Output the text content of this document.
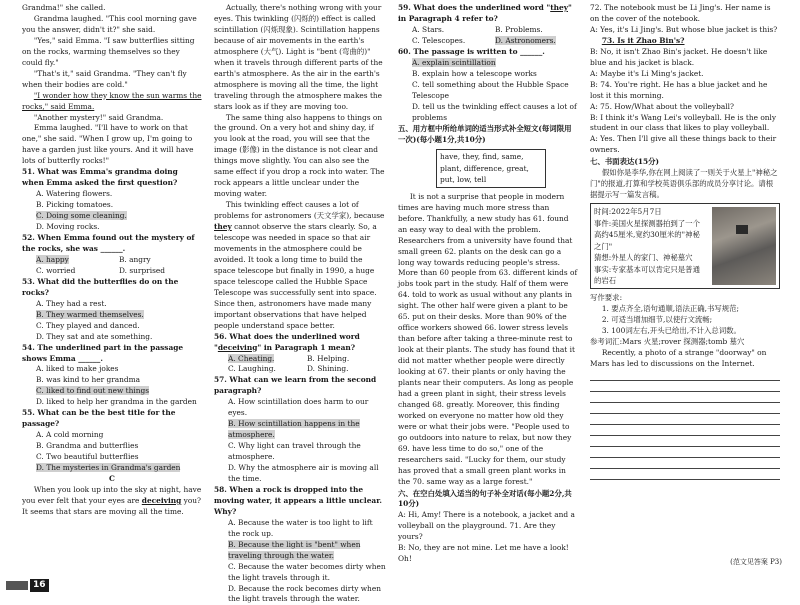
Grandma!" she called.

Grandma laughed. "This cool morning gave you the answer, didn't it?" she said.

"Yes," said Emma. "I saw butterflies sitting on the rocks, warming themselves so they could fly."

"That's it," said Grandma. "They can't fly when their bodies are cold."

"I wonder how they know the sun warms the rocks," said Emma.

"Another mystery!" said Grandma.

Emma laughed. "I'll have to work on that one," she said. "When I grow up, I'm going to have a garden just like yours. And it will have lots of butterfly rocks!"

51. What was Emma's grandma doing when Emma asked the first question?

A. Watering flowers.

B. Picking tomatoes.

C. Doing some cleaning.

D. Moving rocks.

52. When Emma found out the mystery of the rocks, she was ______.

A. happy	B. angry
C. worried	D. surprised

53. What did the butterflies do on the rocks?

A. They had a rest.

B. They warmed themselves.

C. They played and danced.

D. They sat and ate something.

54. The underlined part in the passage shows Emma ______.

A. liked to make jokes

B. was kind to her grandma

C. liked to find out new things

D. liked to help her grandma in the garden

55. What can be the best title for the passage?

A. A cold morning

B. Grandma and butterflies

C. Two beautiful butterflies

D. The mysteries in Grandma's garden

C

When you look up into the sky at night, have you ever felt that your eyes are deceiving you? It seems that stars are moving all the time.

Actually, there's nothing wrong with your eyes. This twinkling (闪烁的) effect is called scintillation (闪烁现象). Scintillation happens because of air movements in the earth's atmosphere (大气). Light is "bent (弯曲的)" when it travels through different parts of the earth's atmosphere. As the air in the earth's atmosphere is moving all the time, the light traveling through the atmosphere makes the stars look as if they are moving too.

The same thing also happens to things on the ground. On a very hot and shiny day, if you look at the road, you will see that the image (影像) in the distance is not clear and things move slightly. You can also see the same effect if you drop a rock into water. The rock appears a little unclear under the moving water.

This twinkling effect causes a lot of problems for astronomers (天文学家), because they cannot observe the stars clearly. So, a telescope was needed in space so that air movements in the atmosphere could be avoided. It took a long time to build the space telescope but finally in 1990, a huge space telescope called the Hubble Space Telescope was successfully sent into space. Since then, astronomers have made many important observations that have helped people understand space better.

56. What does the underlined word "deceiving" in Paragraph 1 mean?

A. Cheating.	B. Helping.
C. Laughing.	D. Shining.

57. What can we learn from the second paragraph?

A. How scintillation does harm to our eyes.

B. How scintillation happens in the atmosphere.

C. Why light can travel through the atmosphere.

D. Why the atmosphere air is moving all the time.

58. When a rock is dropped into the moving water, it appears a little unclear. Why?

A. Because the water is too light to lift the rock up.

B. Because the light is "bent" when traveling through the water.

C. Because the water becomes dirty when the light travels through it.

D. Because the rock becomes dirty when the light travels through the water.

59. What does the underlined word "they" in Paragraph 4 refer to?

A. Stars.	B. Problems.
C. Telescopes.	D. Astronomers.

60. The passage is written to ______.

A. explain scintillation

B. explain how a telescope works

C. tell something about the Hubble Space Telescope

D. tell us the twinkling effect causes a lot of problems

五、用方框中所给单词的适当形式补全短文(每词限用一次)(每小题1分,共10分)

have, they, find, same, plant, difference, great, put, low, tell

It is not a surprise that people in modern times are having much more stress than before. Thankfully, a new study has 61. found an easy way to deal with the problem. Researchers from a university have found that small green 62. plants on the desk can go a long way towards reducing people's stress. More than 60 people from 63. different kinds of jobs took part in the study. Half of them were 64. told to work as usual without any plants in sight. The other half were given a plant to be 65. put on their desks. More than 90% of the office workers showed 66. lower stress levels than before after taking a three-minute rest to look at their plants. The study has found that it did not matter whether people were directly looking at 67. their plants or only having the plants near their computers. As long as people had a green plant in sight, their stress levels changed 68. greatly. Moreover, this finding worked on everyone no matter how old they were or what their jobs were. "People used to go outdoors into nature to relax, but now they 69. have less time to do so," one of the researchers said. "Lucky for them, our study has proved that a small green plant works in the 70. same way as a large forest."

六、在空白处填入适当的句子补全对话(每小题2分,共10分)

A: Hi, Amy! There is a notebook, a jacket and a volleyball on the playground. 71. Are they yours?

B: No, they are not mine. Let me have a look! Oh!

72. The notebook must be Li Jing's. Her name is on the cover of the notebook.

A: Yes, it's Li Jing's. But whose blue jacket is this?

73. Is it Zhao Bin's?

B: No, it isn't Zhao Bin's jacket. He doesn't like blue and his jacket is black.

A: Maybe it's Li Ming's jacket.

B: 74. You're right. He has a blue jacket and he lost it this morning.

A: 75. How/What about the volleyball?

B: I think it's Wang Lei's volleyball. He is the only student in our class that likes to play volleyball.

A: Yes. Then I'll give all these things back to their owners.

七、书面表达(15分)

假如你是李华,你在网上阅读了一则关于火星上"神秘之门"的报道,打算和学校英语俱乐部的成员分享讨论。请根据提示写一篇发言稿。

时间:2022年5月7日

事件:美国火星探测器拍到了一个高约45厘米,宽约30厘米的"神秘之门"

猜想:外星人的家门、神秘墓穴

事实:专家基本可以肯定只是普通的岩石

写作要求:

1. 要点齐全,语句通顺,语法正确,书写规范;

2. 可适当增加细节,以使行文流畅;

3. 100词左右,开头已给出,不计入总词数。

参考词汇:Mars 火星;rover 探测器;tomb 墓穴

Recently, a photo of a strange "doorway" on Mars has led to discussions on the Internet.

(范文见答案 P3)
16
